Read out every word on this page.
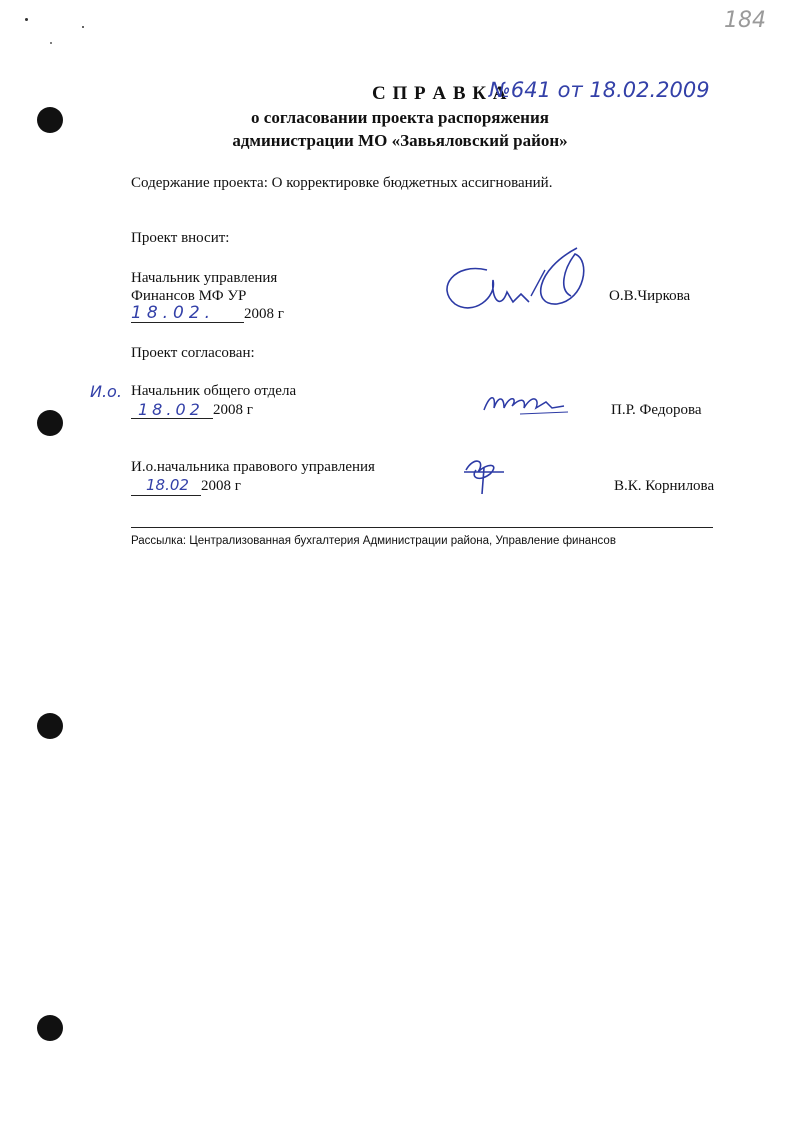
184
С П Р А В К А
№641 от 18.02.2009
о согласовании проекта распоряжения
администрации МО «Завьяловский район»
Содержание проекта: О корректировке бюджетных ассигнований.
Проект вносит:
Начальник управления
Финансов МФ УР
18.02. 2008 г
О.В.Чиркова
Проект согласован:
И.о. Начальник общего отдела
18.02 2008 г	П.Р. Федорова
И.о.начальника правового управления
18.02 2008 г	В.К. Корнилова
Рассылка: Централизованная бухгалтерия Администрации района, Управление финансов
